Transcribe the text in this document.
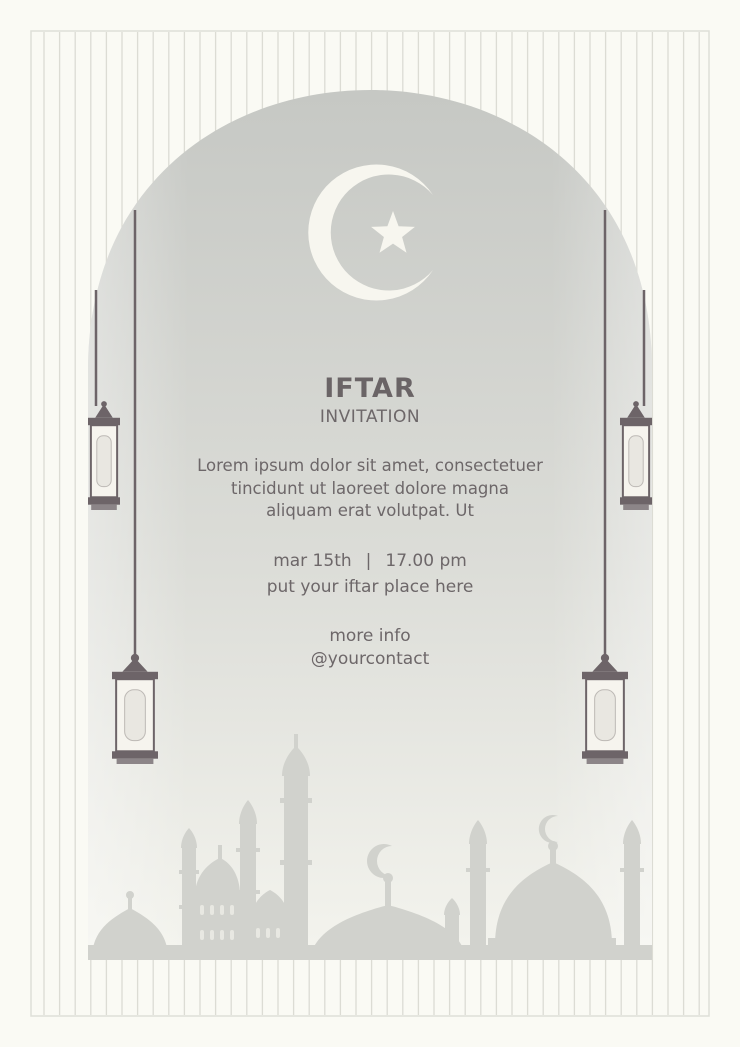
IFTAR
INVITATION
Lorem ipsum dolor sit amet, consectetuer
tincidunt ut laoreet dolore magna
aliquam erat volutpat. Ut
mar 15th | 17.00 pm
put your iftar place here
more info
@yourcontact
